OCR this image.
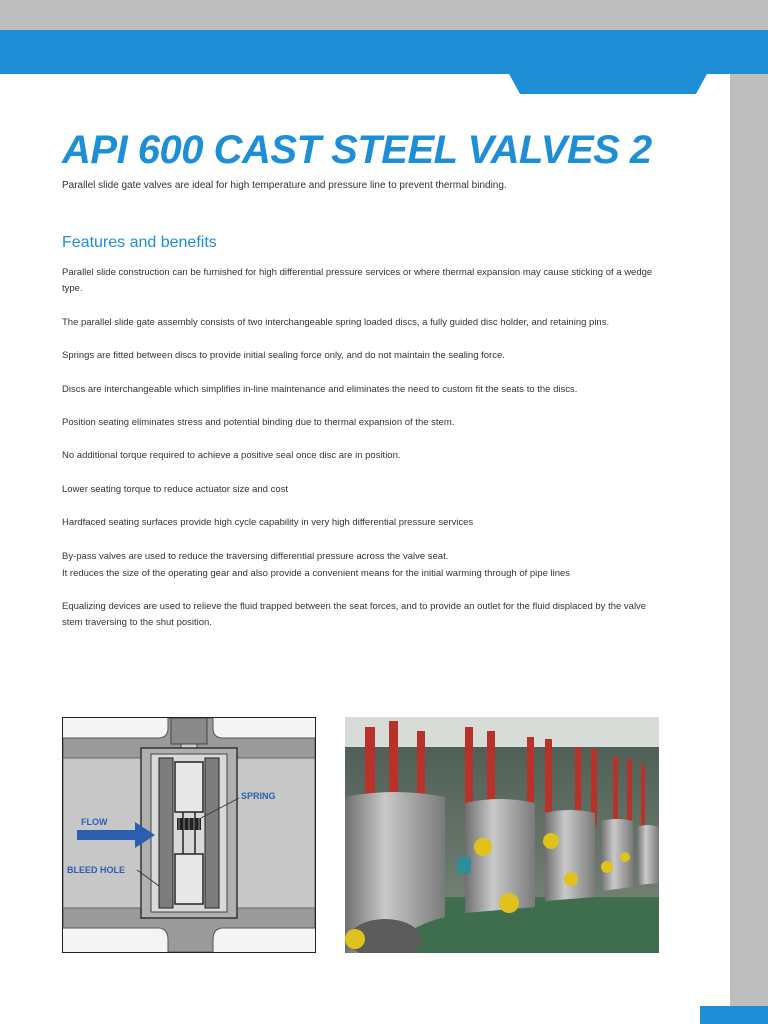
API 600 CAST STEEL VALVES 2

Parallel slide gate valves are ideal for high temperature and pressure line to prevent thermal binding.

Features and benefits

Parallel slide construction can be furnished for high differential pressure services or where thermal expansion may cause sticking of a wedge type.

The parallel slide gate assembly consists of two interchangeable spring loaded discs, a fully guided disc holder, and retaining pins.

Springs are fitted between discs to provide initial sealing force only, and do not maintain the sealing force.

Discs are interchangeable which simplifies in-line maintenance and eliminates the need to custom fit the seats to the discs.

Position seating eliminates stress and potential binding due to thermal expansion of the stem.

No additional torque required to achieve a positive seal once disc are in position.

Lower seating torque to reduce actuator size and cost

Hardfaced seating surfaces provide high cycle capability in very high differential pressure services

By-pass valves are used to reduce the traversing differential pressure across the valve seat.

It reduces the size of the operating gear and also provide a convenient means for the initial warming through of pipe lines

Equalizing devices are used to relieve the fluid trapped between the seat forces, and to provide an outlet for the fluid displaced by the valve stem traversing to the shut position.

SPRING
FLOW
BLEED HOLE
